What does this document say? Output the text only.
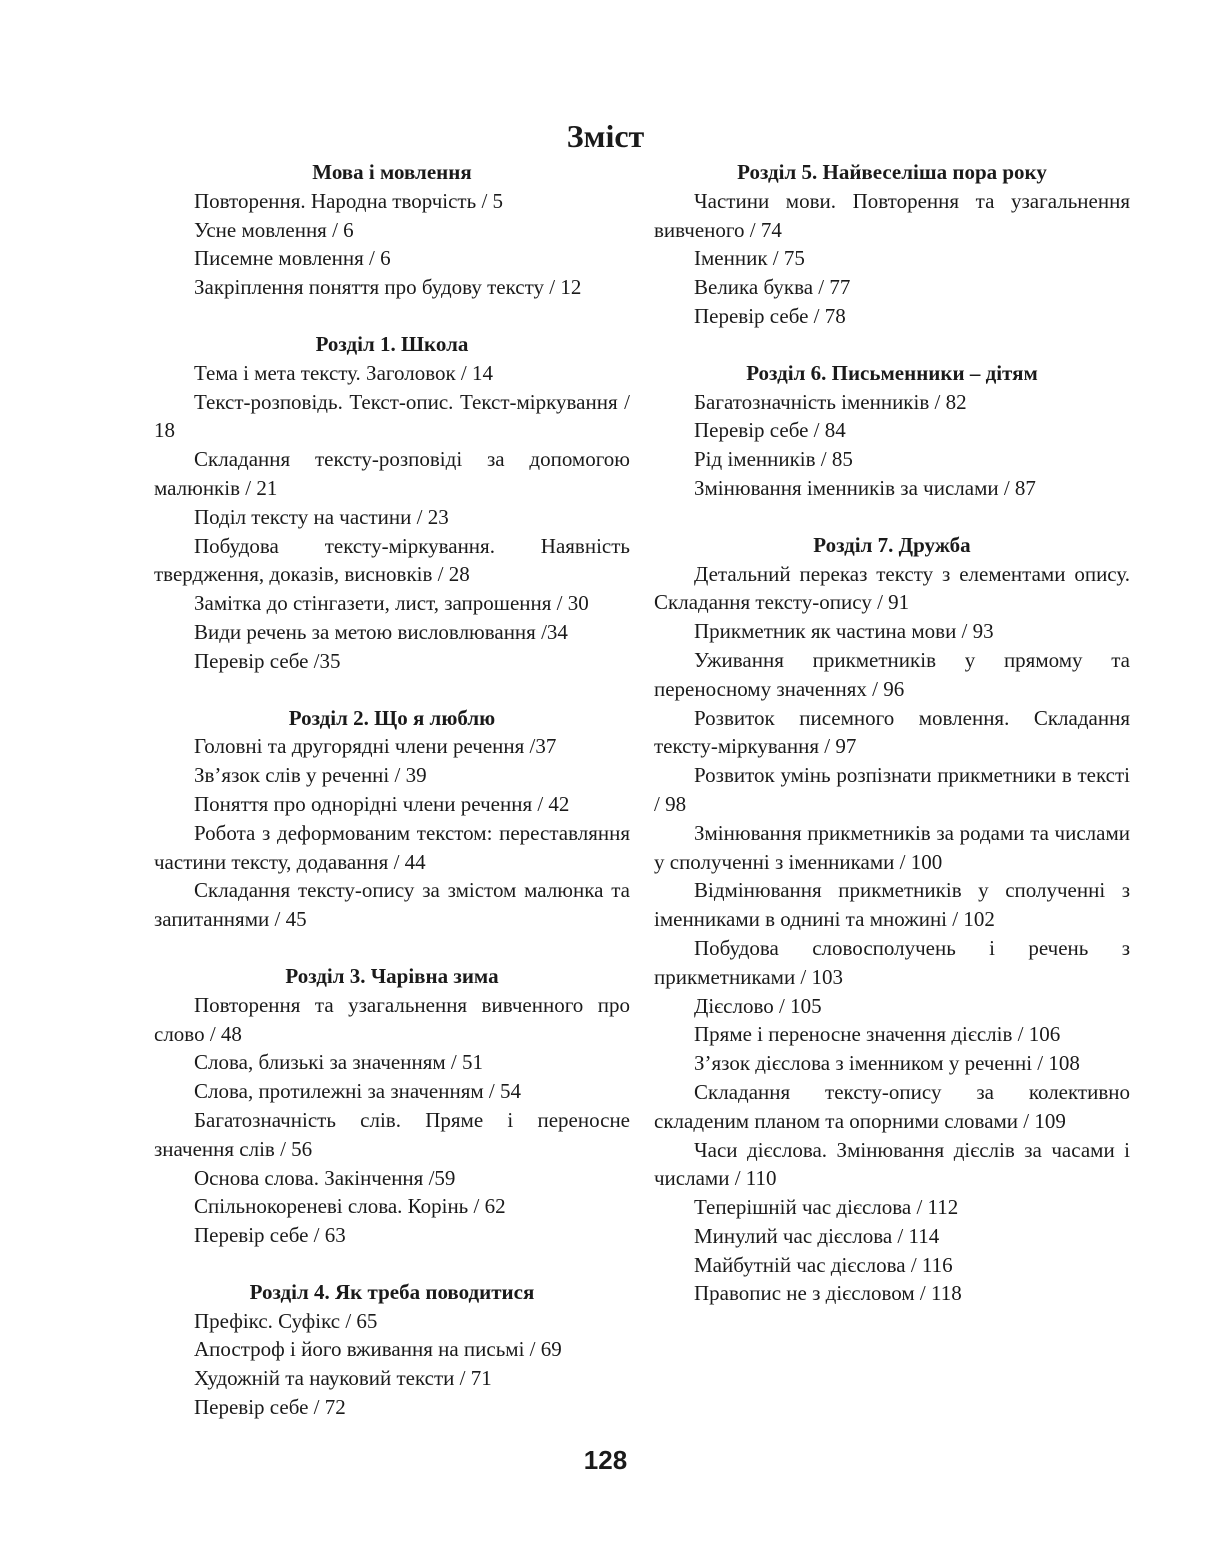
Зміст
Мова і мовлення
Повторення. Народна творчість / 5
Усне мовлення / 6
Писемне мовлення / 6
Закріплення поняття про будову тексту / 12
Розділ 1. Школа
Тема і мета тексту. Заголовок / 14
Текст-розповідь. Текст-опис. Текст-міркування / 18
Складання тексту-розповіді за допомогою малюнків / 21
Поділ тексту на частини / 23
Побудова тексту-міркування. Наявність твердження, доказів, висновків / 28
Замітка до стінгазети, лист, запрошення / 30
Види речень за метою висловлювання /34
Перевір себе /35
Розділ 2. Що я люблю
Головні та другорядні члени речення /37
Зв’язок слів у реченні / 39
Поняття про однорідні члени речення / 42
Робота з деформованим текстом: переставляння частини тексту, додавання / 44
Складання тексту-опису за змістом малюнка та запитаннями / 45
Розділ 3. Чарівна зима
Повторення та узагальнення вивченного про слово / 48
Слова, близькі за значенням / 51
Слова, протилежні за значенням / 54
Багатозначність слів. Пряме і переносне значення слів / 56
Основа слова. Закінчення /59
Спільнокореневі слова. Корінь / 62
Перевір себе / 63
Розділ 4. Як треба поводитися
Префікс. Суфікс / 65
Апостроф і його вживання на письмі / 69
Художній та науковий тексти / 71
Перевір себе / 72
Розділ 5. Найвеселіша пора року
Частини мови. Повторення та узагальнення вивченого / 74
Іменник / 75
Велика буква / 77
Перевір себе / 78
Розділ 6. Письменники – дітям
Багатозначність іменників / 82
Перевір себе / 84
Рід іменників / 85
Змінювання іменників за числами / 87
Розділ 7. Дружба
Детальний переказ тексту з елементами опису. Складання тексту-опису / 91
Прикметник як частина мови / 93
Уживання прикметників у прямому та переносному значеннях / 96
Розвиток писемного мовлення. Складання тексту-міркування / 97
Розвиток умінь розпізнати прикметники в тексті / 98
Змінювання прикметників за родами та числами у сполученні з іменниками / 100
Відмінювання прикметників у сполученні з іменниками в однині та множині / 102
Побудова словосполучень і речень з прикметниками / 103
Дієслово / 105
Пряме і переносне значення дієслів / 106
З’язок дієслова з іменником у реченні / 108
Складання тексту-опису за колективно складеним планом та опорними словами / 109
Часи дієслова. Змінювання дієслів за часами і числами / 110
Теперішній час дієслова / 112
Минулий час дієслова / 114
Майбутній час дієслова / 116
Правопис не з дієсловом / 118
128
